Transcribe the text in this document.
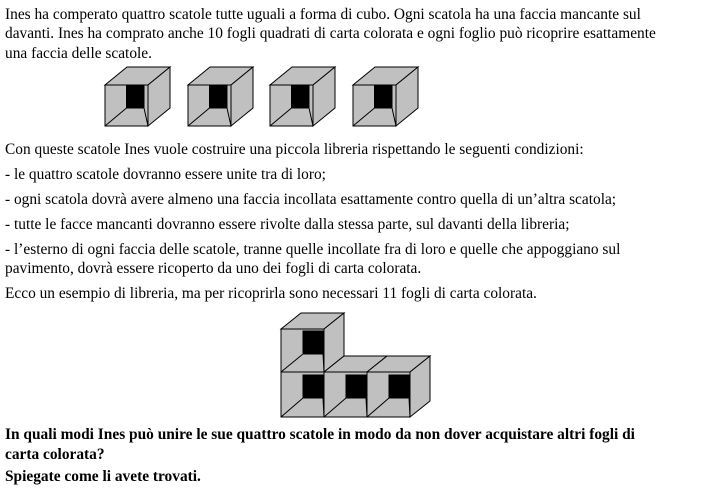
Ines ha comperato quattro scatole tutte uguali a forma di cubo. Ogni scatola ha una faccia mancante sul
davanti. Ines ha comprato anche 10 fogli quadrati di carta colorata e ogni foglio può ricoprire esattamente
una faccia delle scatole.
Con queste scatole Ines vuole costruire una piccola libreria rispettando le seguenti condizioni:
- le quattro scatole dovranno essere unite tra di loro;
- ogni scatola dovrà avere almeno una faccia incollata esattamente contro quella di un’altra scatola;
- tutte le facce mancanti dovranno essere rivolte dalla stessa parte, sul davanti della libreria;
- l’esterno di ogni faccia delle scatole, tranne quelle incollate fra di loro e quelle che appoggiano sul
pavimento, dovrà essere ricoperto da uno dei fogli di carta colorata.
Ecco un esempio di libreria, ma per ricoprirla sono necessari 11 fogli di carta colorata.
In quali modi Ines può unire le sue quattro scatole in modo da non dover acquistare altri fogli di
carta colorata?
Spiegate come li avete trovati.
